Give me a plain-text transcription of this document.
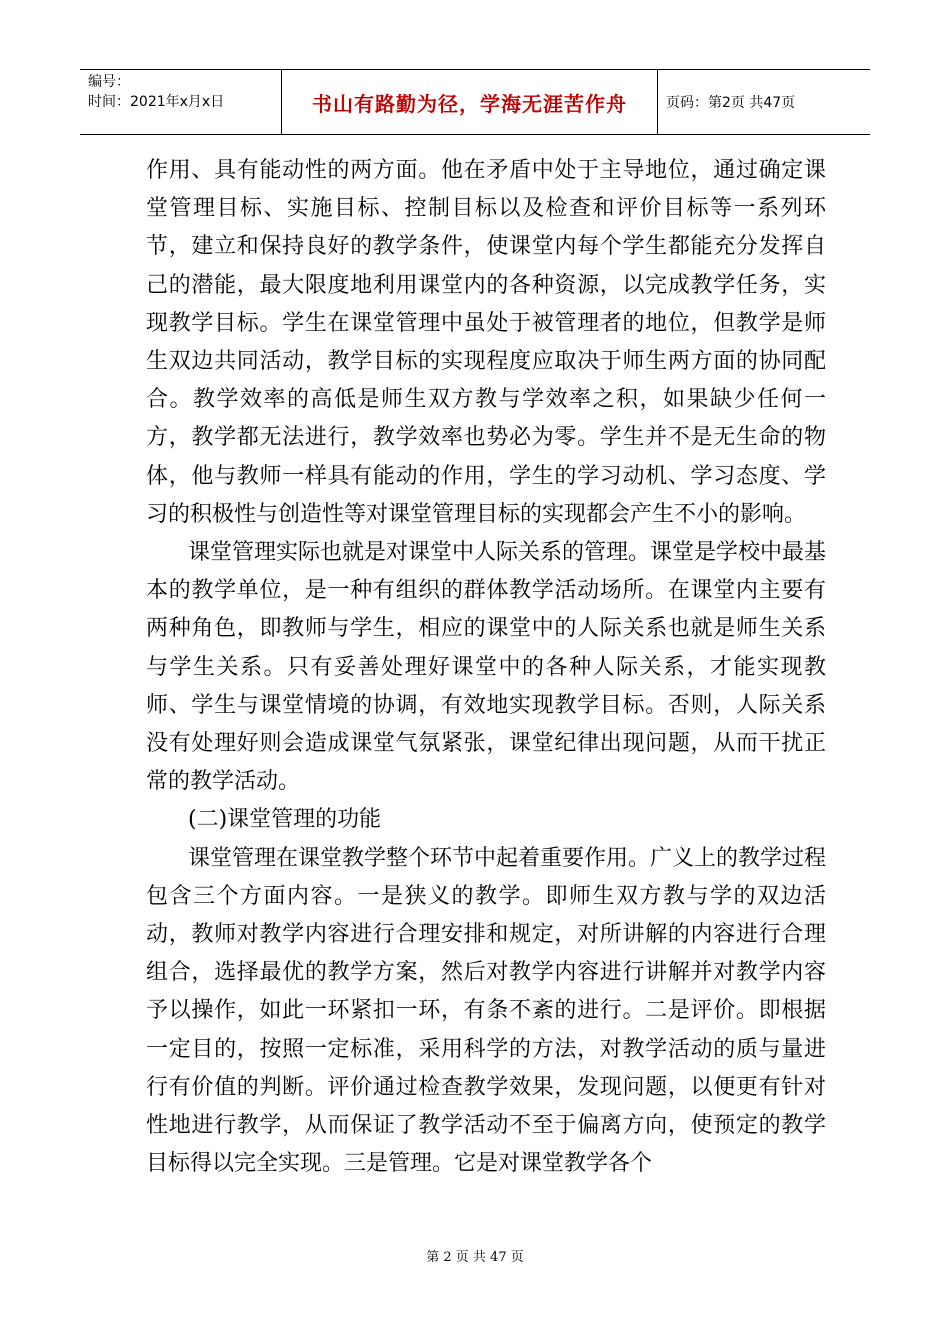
编号：
时间：2021年x月x日	书山有路勤为径，学海无涯苦作舟	页码：第2页 共47页

作用、具有能动性的两方面。他在矛盾中处于主导地位，通过确定课堂管理目标、实施目标、控制目标以及检查和评价目标等一系列环节，建立和保持良好的教学条件，使课堂内每个学生都能充分发挥自己的潜能，最大限度地利用课堂内的各种资源，以完成教学任务，实现教学目标。学生在课堂管理中虽处于被管理者的地位，但教学是师生双边共同活动，教学目标的实现程度应取决于师生两方面的协同配合。教学效率的高低是师生双方教与学效率之积，如果缺少任何一方，教学都无法进行，教学效率也势必为零。学生并不是无生命的物体，他与教师一样具有能动的作用，学生的学习动机、学习态度、学习的积极性与创造性等对课堂管理目标的实现都会产生不小的影响。

课堂管理实际也就是对课堂中人际关系的管理。课堂是学校中最基本的教学单位，是一种有组织的群体教学活动场所。在课堂内主要有两种角色，即教师与学生，相应的课堂中的人际关系也就是师生关系与学生关系。只有妥善处理好课堂中的各种人际关系，才能实现教师、学生与课堂情境的协调，有效地实现教学目标。否则，人际关系没有处理好则会造成课堂气氛紧张，课堂纪律出现问题，从而干扰正常的教学活动。

(二)课堂管理的功能

课堂管理在课堂教学整个环节中起着重要作用。广义上的教学过程包含三个方面内容。一是狭义的教学。即师生双方教与学的双边活动，教师对教学内容进行合理安排和规定，对所讲解的内容进行合理组合，选择最优的教学方案，然后对教学内容进行讲解并对教学内容予以操作，如此一环紧扣一环，有条不紊的进行。二是评价。即根据一定目的，按照一定标准，采用科学的方法，对教学活动的质与量进行有价值的判断。评价通过检查教学效果，发现问题，以便更有针对性地进行教学，从而保证了教学活动不至于偏离方向，使预定的教学目标得以完全实现。三是管理。它是对课堂教学各个

第 2 页 共 47 页
